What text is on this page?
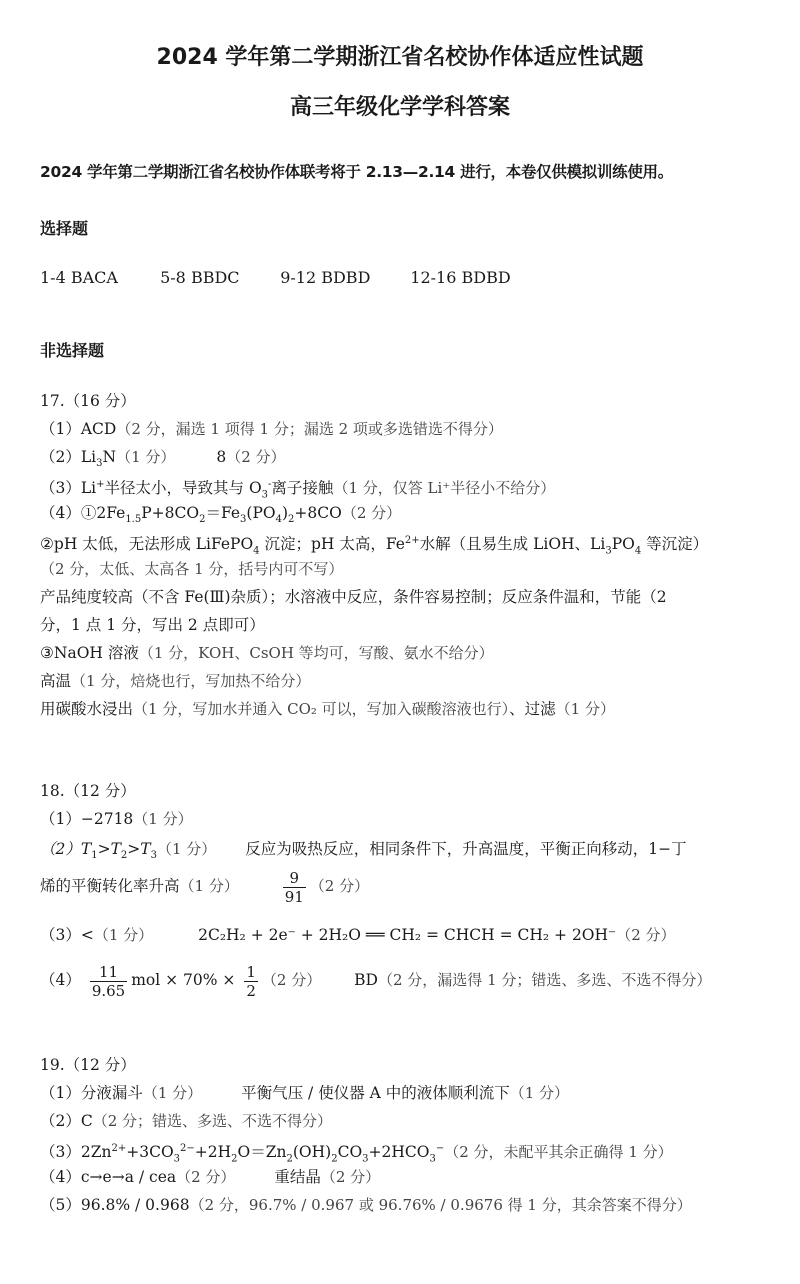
2024 学年第二学期浙江省名校协作体适应性试题
高三年级化学学科答案
2024 学年第二学期浙江省名校协作体联考将于 2.13—2.14 进行，本卷仅供模拟训练使用。
选择题
1-4 BACA	5-8 BBDC	9-12 BDBD 12-16 BDBD
非选择题
17.（16 分）
（1）ACD（2 分，漏选 1 项得 1 分；漏选 2 项或多选错选不得分）
$(2)Li_3N(1$ 分）	8（2 分）
（3）Li+半径太小，导致其与 $O_3^-$离子接触（1 分，仅答 Li⁺半径小不给分）
$(4)①2Fe_{1.5}P+8CO_2=Fe_3(PO_4)_2+8CO(2$ 分）
②pH 太低，无法形成 LiFePO$_4$ 沉淀；pH 太高，$Fe^{2+}$水解（且易生成 LiOH、$Li_3PO_4$ 等沉淀）
（2 分，太低、太高各 1 分，括号内可不写）
产品纯度较高（不含 Fe(Ⅲ)杂质）；水溶液中反应，条件容易控制；反应条件温和，节能（2
分，1 点 1 分，写出 2 点即可）
③NaOH 溶液（1 分，KOH、CsOH 等均可，写酸、氨水不给分）
高温（1 分，焙烧也行，写加热不给分）
用碳酸水浸出（1 分，写加水并通入 CO₂ 可以，写加入碳酸溶液也行）、过滤（1 分）
18.（12 分）
（1）−2718（1 分）
$(2)T_1>T_2>T_3(1$ 分） 反应为吸热反应，相同条件下，升高温度，平衡正向移动，1−丁
烯的平衡转化率升高（1 分）	$\frac{9}{91} (2$ 分）
（3）<（1 分）	2C₂H₂ + 2e⁻ + 2H₂O ══ CH₂ = CHCH = CH₂ + 2OH⁻（2 分）
$(4) \frac{11}{9.65}$ mol × $70\% \times \frac{1}{2} (2$ 分） BD（2 分，漏选得 1 分；错选、多选、不选不得分）
19.（12 分）
（1）分液漏斗（1 分）	平衡气压 / 使仪器 A 中的液体顺利流下（1 分）
（2）C（2 分；错选、多选、不选不得分）
$(3)2Zn^{2+}+3CO_3^{2-}+2H_2O=Zn_2(OH)_2CO_3+2HCO_3^-(2$ 分，未配平其余正确得 1 分）
（4）c→e→a / cea（2 分）	重结晶（2 分）
（5）96.8% / 0.968（2 分，96.7% / 0.967 或 96.76% / 0.9676 得 1 分，其余答案不得分）
